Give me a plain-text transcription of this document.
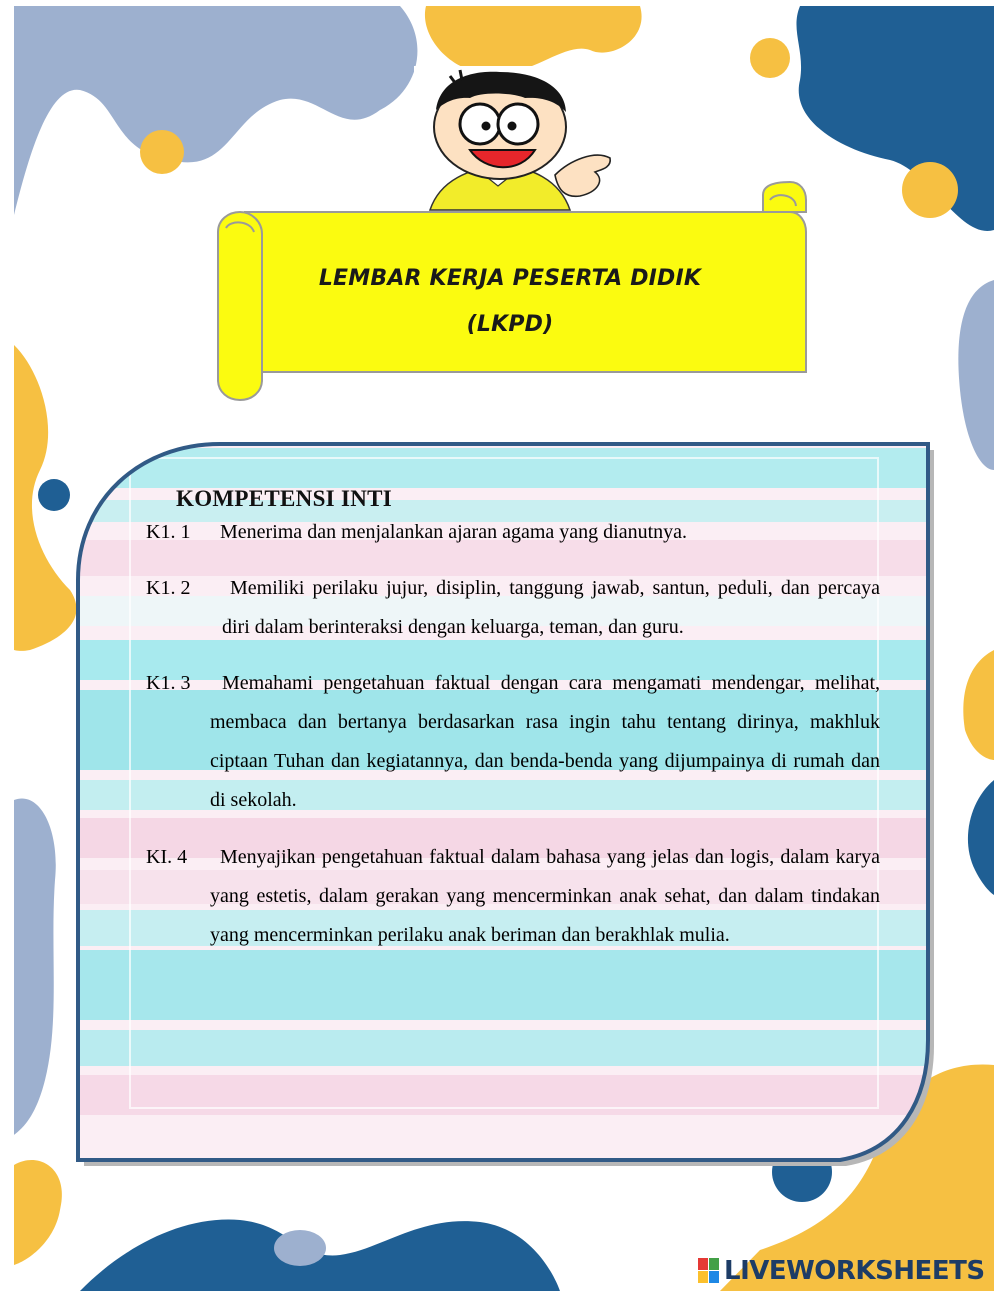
LEMBAR KERJA PESERTA DIDIK
(LKPD)
KOMPETENSI INTI
K1. 1	Menerima dan menjalankan ajaran agama yang dianutnya.
K1. 2	Memiliki perilaku jujur, disiplin, tanggung jawab, santun, peduli, dan percaya diri dalam berinteraksi dengan keluarga, teman, dan guru.
K1. 3	Memahami pengetahuan faktual dengan cara mengamati mendengar, melihat, membaca dan bertanya berdasarkan rasa ingin tahu tentang dirinya, makhluk ciptaan Tuhan dan kegiatannya, dan benda-benda yang dijumpainya di rumah dan di sekolah.
KI. 4	Menyajikan pengetahuan faktual dalam bahasa yang jelas dan logis, dalam karya yang estetis, dalam gerakan yang mencerminkan anak sehat, dan dalam tindakan yang mencerminkan perilaku anak beriman dan berakhlak mulia.
LIVEWORKSHEETS
